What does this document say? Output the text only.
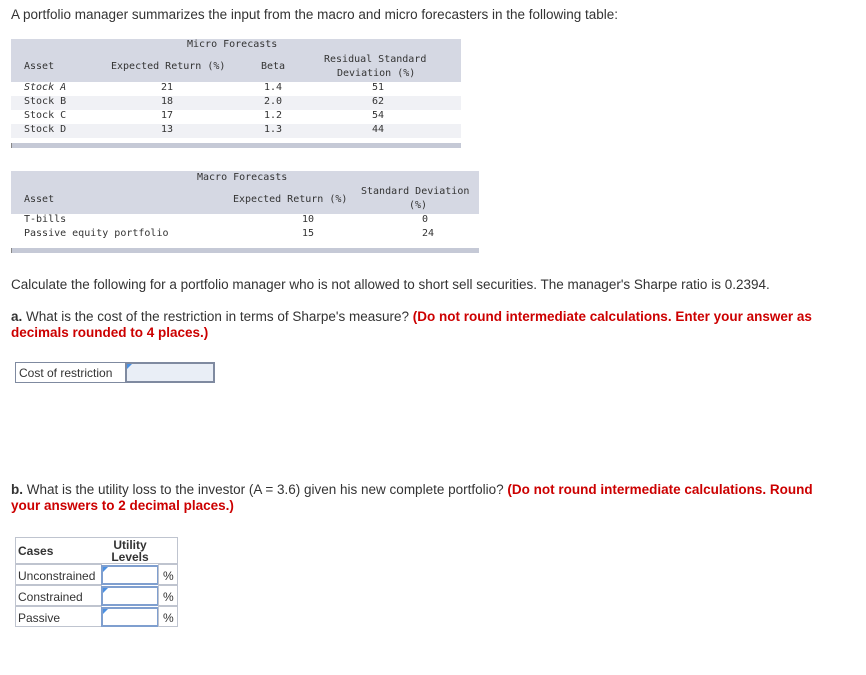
A portfolio manager summarizes the input from the macro and micro forecasters in the following table:
Micro Forecasts
Asset	Expected Return (%)	Beta
Residual Standard
Deviation (%)
Stock A	21	1.4	51
Stock B	18	2.0	62
Stock C	17	1.2	54
Stock D	13	1.3	44
Macro Forecasts
Asset	Expected Return (%)
Standard Deviation
(%)
T-bills	10	0
Passive equity portfolio	15	24
Calculate the following for a portfolio manager who is not allowed to short sell securities. The manager's Sharpe ratio is 0.2394.
a. What is the cost of the restriction in terms of Sharpe's measure? (Do not round intermediate calculations. Enter your answer as
decimals rounded to 4 places.)
Cost of restriction
b. What is the utility loss to the investor (A = 3.6) given his new complete portfolio? (Do not round intermediate calculations. Round
your answers to 2 decimal places.)
Cases	Utility
Levels
Unconstrained	%
Constrained	%
Passive	%
